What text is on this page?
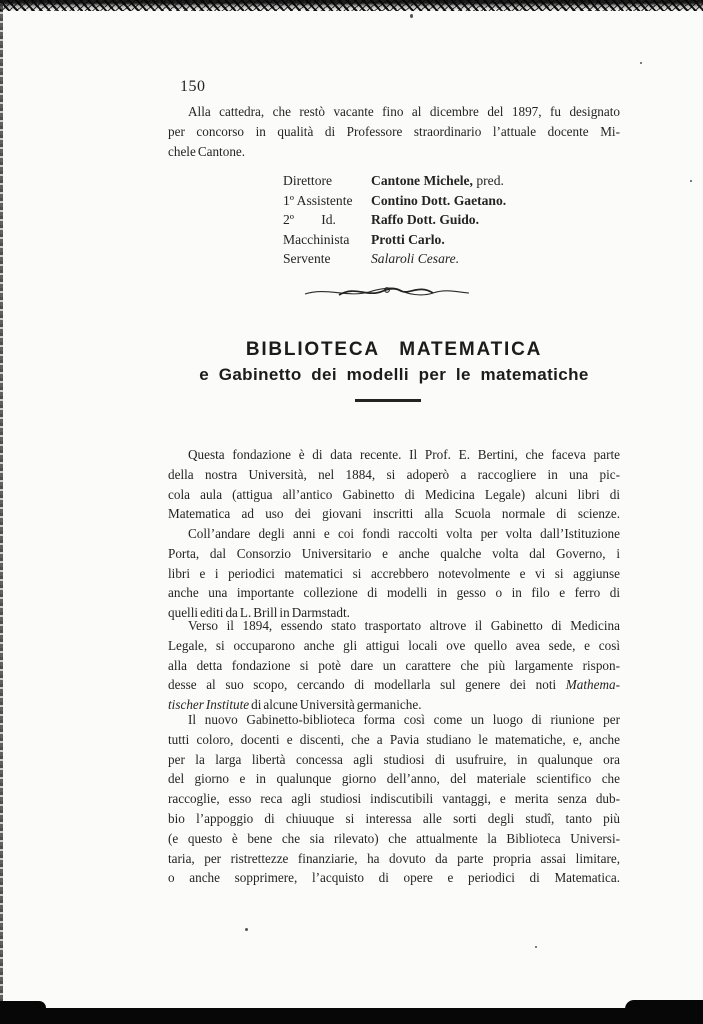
150
Alla cattedra, che restò vacante fino al dicembre del 1897, fu designato
per concorso in qualità di Professore straordinario l’attuale docente Mi-
chele Cantone.
Direttore	Cantone Michele, pred.
1º Assistente	Contino Dott. Gaetano.
2º        Id.	Raffo Dott. Guido.
Macchinista	Protti Carlo.
Servente	Salaroli Cesare.
BIBLIOTECA MATEMATICA
e Gabinetto dei modelli per le matematiche
Questa fondazione è di data recente. Il Prof. E. Bertini, che faceva parte
della nostra Università, nel 1884, si adoperò a raccogliere in una pic-
cola aula (attigua all’antico Gabinetto di Medicina Legale) alcuni libri di
Matematica ad uso dei giovani inscritti alla Scuola normale di scienze.
Coll’andare degli anni e coi fondi raccolti volta per volta dall’Istituzione
Porta, dal Consorzio Universitario e anche qualche volta dal Governo, i
libri e i periodici matematici si accrebbero notevolmente e vi si aggiunse
anche una importante collezione di modelli in gesso o in filo e ferro di
quelli editi da L. Brill in Darmstadt.
Verso il 1894, essendo stato trasportato altrove il Gabinetto di Medicina
Legale, si occuparono anche gli attigui locali ove quello avea sede, e così
alla detta fondazione si potè dare un carattere che più largamente rispon-
desse al suo scopo, cercando di modellarla sul genere dei noti Mathema-
tischer Institute di alcune Università germaniche.
Il nuovo Gabinetto-biblioteca forma così come un luogo di riunione per
tutti coloro, docenti e discenti, che a Pavia studiano le matematiche, e, anche
per la larga libertà concessa agli studiosi di usufruire, in qualunque ora
del giorno e in qualunque giorno dell’anno, del materiale scientifico che
raccoglie, esso reca agli studiosi indiscutibili vantaggi, e merita senza dub-
bio l’appoggio di chiuuque si interessa alle sorti degli studî, tanto più
(e questo è bene che sia rilevato) che attualmente la Biblioteca Universi-
taria, per ristrettezze finanziarie, ha dovuto da parte propria assai limitare,
o anche sopprimere, l’acquisto di opere e periodici di Matematica.
